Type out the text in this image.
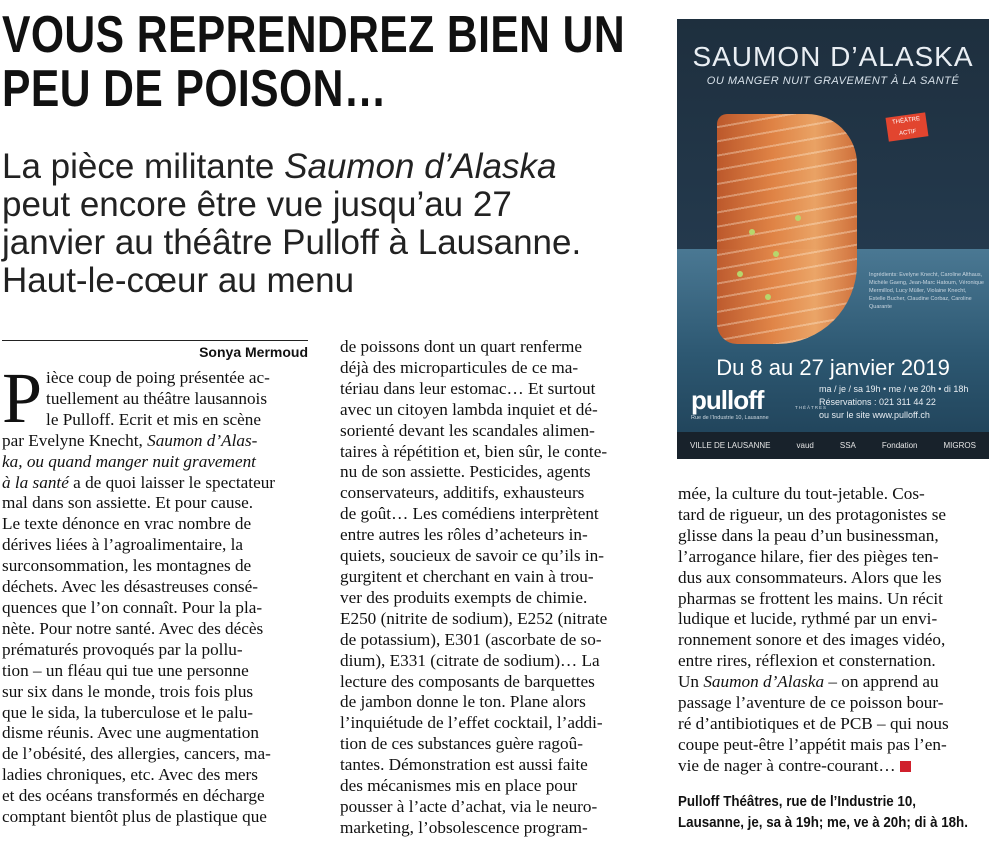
VOUS REPRENDREZ BIEN UN
PEU DE POISON…
La pièce militante Saumon d’Alaska
peut encore être vue jusqu’au 27
janvier au théâtre Pulloff à Lausanne.
Haut-le-cœur au menu
Sonya Mermoud
P ièce coup de poing présentée ac-
tuellement au théâtre lausannois
le Pulloff. Ecrit et mis en scène
par Evelyne Knecht, Saumon d’Alas-
ka, ou quand manger nuit gravement
à la santé a de quoi laisser le spectateur
mal dans son assiette. Et pour cause.
Le texte dénonce en vrac nombre de
dérives liées à l’agroalimentaire, la
surconsommation, les montagnes de
déchets. Avec les désastreuses consé-
quences que l’on connaît. Pour la pla-
nète. Pour notre santé. Avec des décès
prématurés provoqués par la pollu-
tion – un fléau qui tue une personne
sur six dans le monde, trois fois plus
que le sida, la tuberculose et le palu-
disme réunis. Avec une augmentation
de l’obésité, des allergies, cancers, ma-
ladies chroniques, etc. Avec des mers
et des océans transformés en décharge
comptant bientôt plus de plastique que
de poissons dont un quart renferme
déjà des microparticules de ce ma-
tériau dans leur estomac… Et surtout
avec un citoyen lambda inquiet et dé-
sorienté devant les scandales alimen-
taires à répétition et, bien sûr, le conte-
nu de son assiette. Pesticides, agents
conservateurs, additifs, exhausteurs
de goût… Les comédiens interprètent
entre autres les rôles d’acheteurs in-
quiets, soucieux de savoir ce qu’ils in-
gurgitent et cherchant en vain à trou-
ver des produits exempts de chimie.
E250 (nitrite de sodium), E252 (nitrate
de potassium), E301 (ascorbate de so-
dium), E331 (citrate de sodium)… La
lecture des composants de barquettes
de jambon donne le ton. Plane alors
l’inquiétude de l’effet cocktail, l’addi-
tion de ces substances guère ragoû-
tantes. Démonstration est aussi faite
des mécanismes mis en place pour
pousser à l’acte d’achat, via le neuro-
marketing, l’obsolescence program-
SAUMON D’ALASKA
OU MANGER NUIT GRAVEMENT À LA SANTÉ
THÉÂTRE ACTIF
Ingrédients: Evelyne Knecht, Caroline Althaus, Michèle Gaeng, Jean-Marc Hatoum, Véronique Mermillod, Lucy Müller, Violaine Knecht, Estelle Bucher, Claudine Corbaz, Caroline Quarante
Du 8 au 27 janvier 2019
pulloff	THÉÂTRES
Rue de l’Industrie 10, Lausanne
ma / je / sa 19h • me / ve 20h • di 18h
Réservations : 021 311 44 22
ou sur le site www.pulloff.ch
VILLE DE LAUSANNE	vaud	SSA	Fondation	MIGROS
mée, la culture du tout-jetable. Cos-
tard de rigueur, un des protagonistes se
glisse dans la peau d’un businessman,
l’arrogance hilare, fier des pièges ten-
dus aux consommateurs. Alors que les
pharmas se frottent les mains. Un récit
ludique et lucide, rythmé par un envi-
ronnement sonore et des images vidéo,
entre rires, réflexion et consternation.
Un Saumon d’Alaska – on apprend au
passage l’aventure de ce poisson bour-
ré d’antibiotiques et de PCB – qui nous
coupe peut-être l’appétit mais pas l’en-
vie de nager à contre-courant…
Pulloff Théâtres, rue de l’Industrie 10,
Lausanne, je, sa à 19h; me, ve à 20h; di à 18h.
